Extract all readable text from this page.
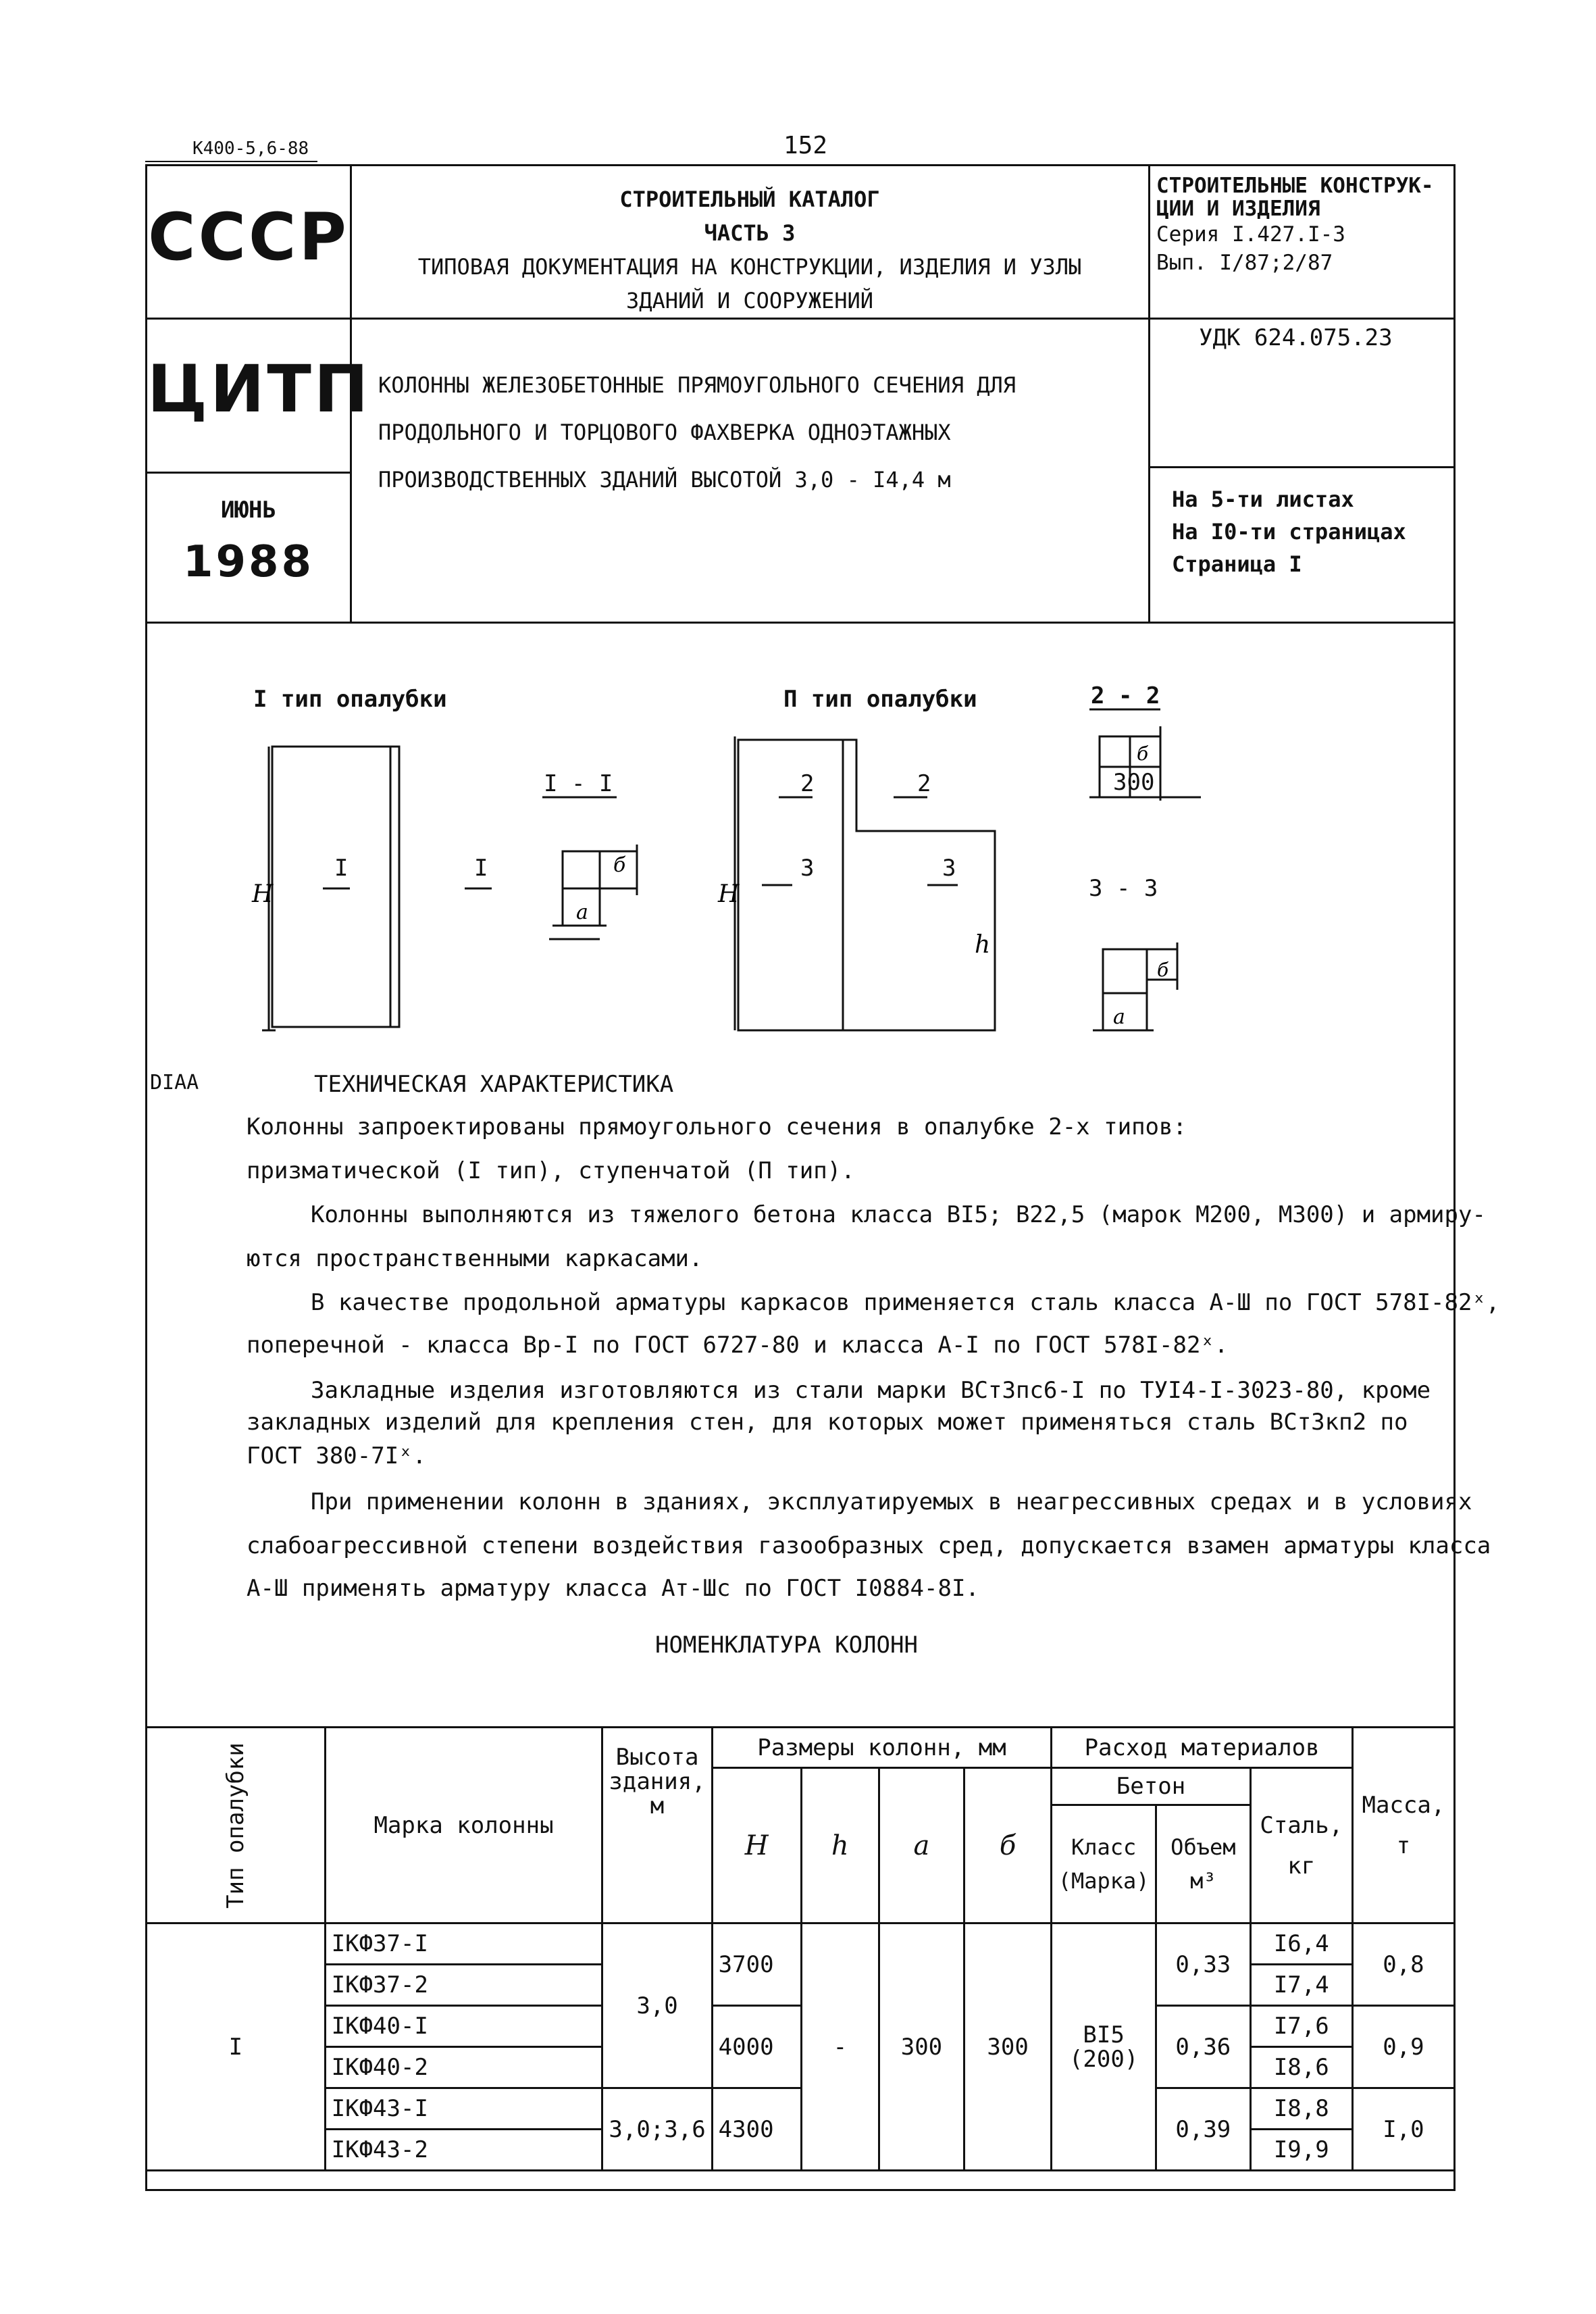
К400-5,6-88	152
СССР
ЦИТП
ИЮНЬ
1988
СТРОИТЕЛЬНЫЙ КАТАЛОГ
ЧАСТЬ 3
ТИПОВАЯ ДОКУМЕНТАЦИЯ НА КОНСТРУКЦИИ, ИЗДЕЛИЯ И УЗЛЫ
ЗДАНИЙ И СООРУЖЕНИЙ
СТРОИТЕЛЬНЫЕ КОНСТРУК-
ЦИИ И ИЗДЕЛИЯ
Серия I.427.I-3
Вып. I/87;2/87
УДК 624.075.23
КОЛОННЫ ЖЕЛЕЗОБЕТОННЫЕ ПРЯМОУГОЛЬНОГО СЕЧЕНИЯ ДЛЯ
ПРОДОЛЬНОГО И ТОРЦОВОГО ФАХВЕРКА ОДНОЭТАЖНЫХ
ПРОИЗВОДСТВЕННЫХ ЗДАНИЙ ВЫСОТОЙ 3,0 - I4,4 м
На 5-ти листах
На I0-ти страницах
Страница I
H	H
h
a
б
б
б
a
I тип опалубки	П тип опалубки
I - I
2 - 2
3 - 3
300
I	I
2	2
3	3
DIAA	ТЕХНИЧЕСКАЯ ХАРАКТЕРИСТИКА
Колонны запроектированы прямоугольного сечения в опалубке 2-х типов:
призматической (I тип), ступенчатой (П тип).
Колонны выполняются из тяжелого бетона класса BI5; B22,5 (марок M200, M300) и армиру-
ются пространственными каркасами.
В качестве продольной арматуры каркасов применяется сталь класса A-Ш по ГОСТ 578I-82ˣ,
поперечной - класса Bp-I по ГОСТ 6727-80 и класса A-I по ГОСТ 578I-82ˣ.
Закладные изделия изготовляются из стали марки ВСт3пс6-I по ТУI4-I-3023-80, кроме
закладных изделий для крепления стен, для которых может применяться сталь ВСт3кп2 по
ГОСТ 380-7Iˣ.
При применении колонн в зданиях, эксплуатируемых в неагрессивных средах и в условиях
слабоагрессивной степени воздействия газообразных сред, допускается взамен арматуры класса
A-Ш применять арматуру класса Aт-Шс по ГОСТ I0884-8I.
НОМЕНКЛАТУРА КОЛОНН
Тип опалубки	Марка колонны	Высота здания, м	Размеры колонн, мм				Расход материалов			Масса, т
			H	h	a	б	Бетон		Сталь, кг	
							Класс (Марка)	Объем м³		
I	IКФ37-I	3,0	3700	-	300	300	BI5 (200)	0,33	I6,4	0,8
	IКФ37-2								I7,4	
	IКФ40-I		4000					0,36	I7,6	0,9
	IКФ40-2								I8,6	
	IКФ43-I	3,0;3,6	4300					0,39	I8,8	I,0
	IКФ43-2								I9,9	
